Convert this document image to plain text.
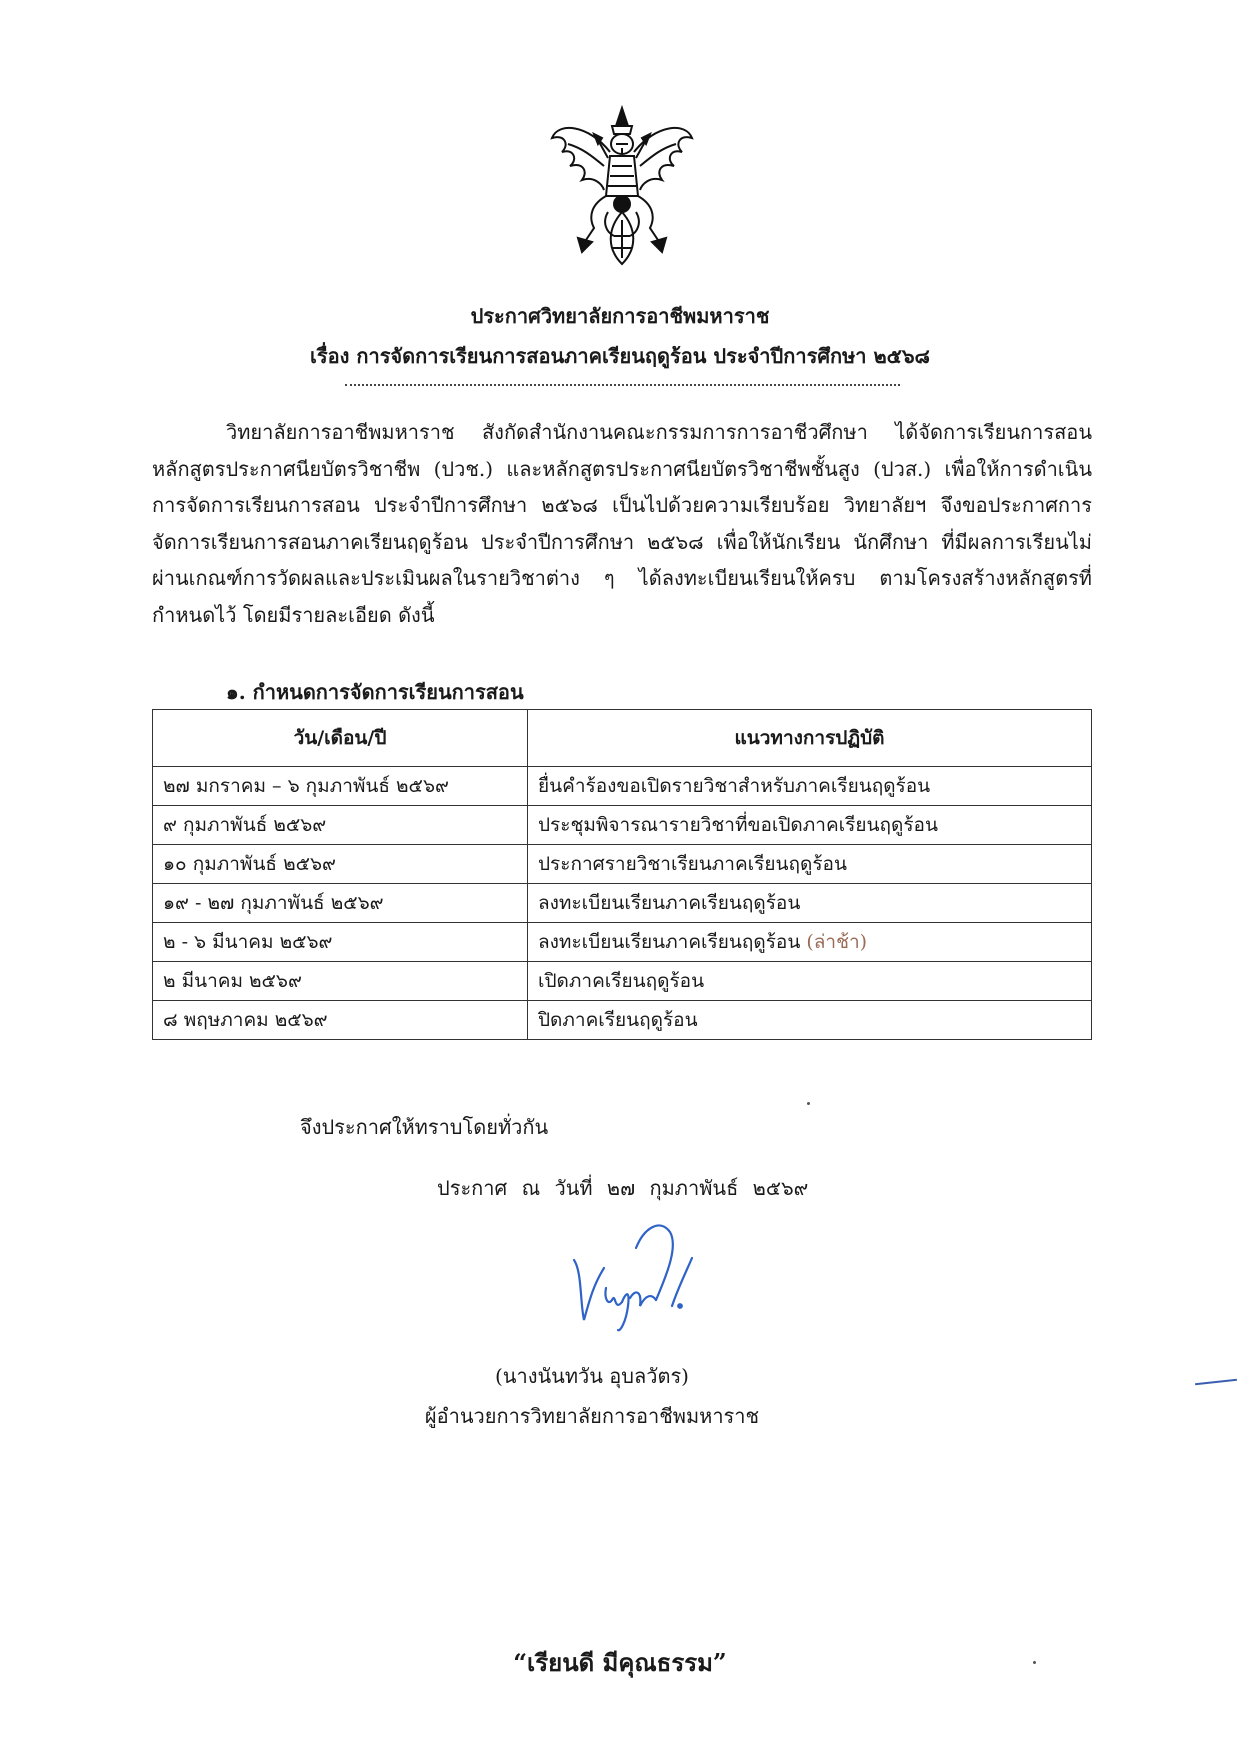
ประกาศวิทยาลัยการอาชีพมหาราช
เรื่อง การจัดการเรียนการสอนภาคเรียนฤดูร้อน ประจำปีการศึกษา ๒๕๖๘
วิทยาลัยการอาชีพมหาราช สังกัดสำนักงานคณะกรรมการการอาชีวศึกษา ได้จัดการเรียนการสอน หลักสูตรประกาศนียบัตรวิชาชีพ (ปวช.) และหลักสูตรประกาศนียบัตรวิชาชีพชั้นสูง (ปวส.) เพื่อให้การดำเนินการจัดการเรียนการสอน ประจำปีการศึกษา ๒๕๖๘ เป็นไปด้วยความเรียบร้อย วิทยาลัยฯ จึงขอประกาศการจัดการเรียนการสอนภาคเรียนฤดูร้อน ประจำปีการศึกษา ๒๕๖๘ เพื่อให้นักเรียน นักศึกษา ที่มีผลการเรียนไม่ผ่านเกณฑ์การวัดผลและประเมินผลในรายวิชาต่าง ๆ ได้ลงทะเบียนเรียนให้ครบ ตามโครงสร้างหลักสูตรที่กำหนดไว้ โดยมีรายละเอียด ดังนี้
๑. กำหนดการจัดการเรียนการสอน
วัน/เดือน/ปี	แนวทางการปฏิบัติ
๒๗ มกราคม – ๖ กุมภาพันธ์ ๒๕๖๙	ยื่นคำร้องขอเปิดรายวิชาสำหรับภาคเรียนฤดูร้อน
๙ กุมภาพันธ์ ๒๕๖๙	ประชุมพิจารณารายวิชาที่ขอเปิดภาคเรียนฤดูร้อน
๑๐ กุมภาพันธ์ ๒๕๖๙	ประกาศรายวิชาเรียนภาคเรียนฤดูร้อน
๑๙ - ๒๗ กุมภาพันธ์ ๒๕๖๙	ลงทะเบียนเรียนภาคเรียนฤดูร้อน
๒ - ๖ มีนาคม ๒๕๖๙	ลงทะเบียนเรียนภาคเรียนฤดูร้อน (ล่าช้า)
๒ มีนาคม ๒๕๖๙	เปิดภาคเรียนฤดูร้อน
๘ พฤษภาคม ๒๕๖๙	ปิดภาคเรียนฤดูร้อน
จึงประกาศให้ทราบโดยทั่วกัน
ประกาศ ณ วันที่ ๒๗ กุมภาพันธ์ ๒๕๖๙
(นางนันทวัน อุบลวัตร)
ผู้อำนวยการวิทยาลัยการอาชีพมหาราช
“เรียนดี มีคุณธรรม”
